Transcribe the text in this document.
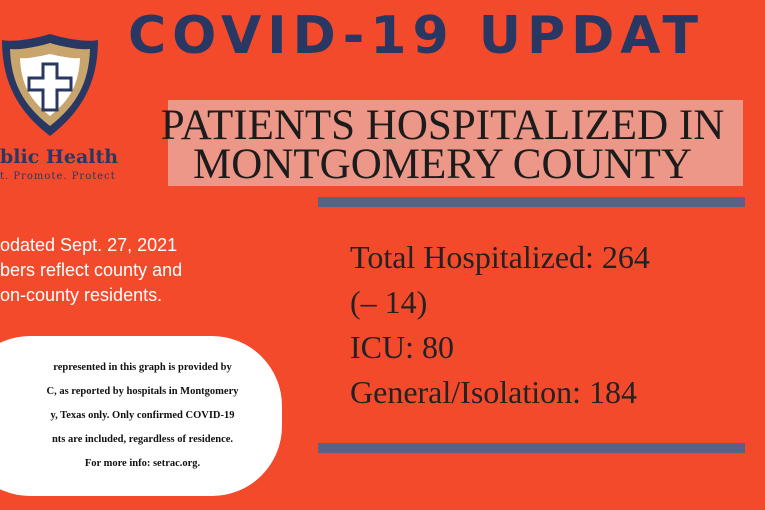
blic Health
t. Promote. Protect
COVID-19 UPDAT
PATIENTS HOSPITALIZED IN
MONTGOMERY COUNTY
odated Sept. 27, 2021
bers reflect county and
on-county residents.
Total Hospitalized: 264
(– 14)
ICU: 80
General/Isolation: 184
represented in this graph is provided by
C, as reported by hospitals in Montgomery
y, Texas only. Only confirmed COVID-19
nts are included, regardless of residence.
For more info: setrac.org.
